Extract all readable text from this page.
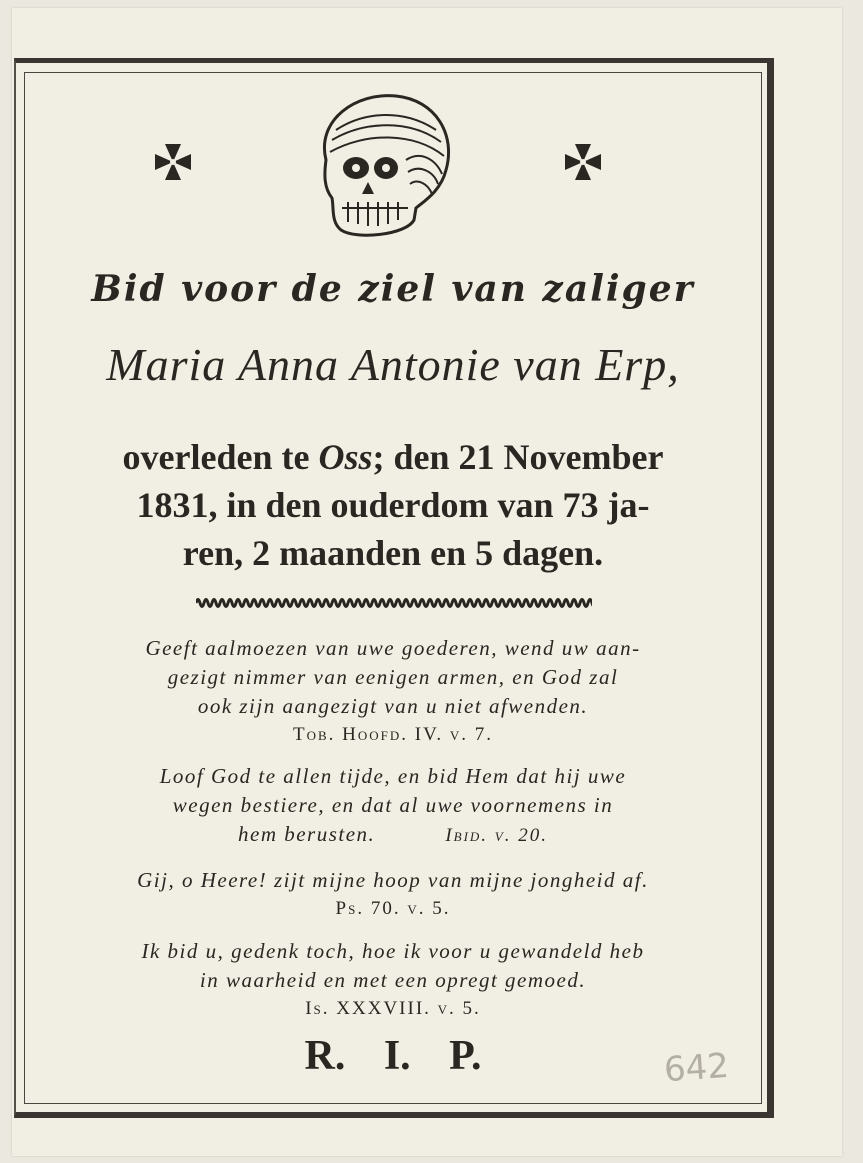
Bid voor de ziel van zaliger
Maria Anna Antonie van Erp,
overleden te Oss; den 21 November
1831, in den ouderdom van 73 ja-
ren, 2 maanden en 5 dagen.
Geeft aalmoezen van uwe goederen, wend uw aan-
gezigt nimmer van eenigen armen, en God zal
ook zijn aangezigt van u niet afwenden.
Tob. Hoofd. IV. v. 7.
Loof God te allen tijde, en bid Hem dat hij uwe
wegen bestiere, en dat al uwe voornemens in
hem berusten.	Ibid. v. 20.
Gij, o Heere! zijt mijne hoop van mijne jongheid af.
Ps. 70. v. 5.
Ik bid u, gedenk toch, hoe ik voor u gewandeld heb
in waarheid en met een opregt gemoed.
Is. XXXVIII. v. 5.
R. I. P.	642
